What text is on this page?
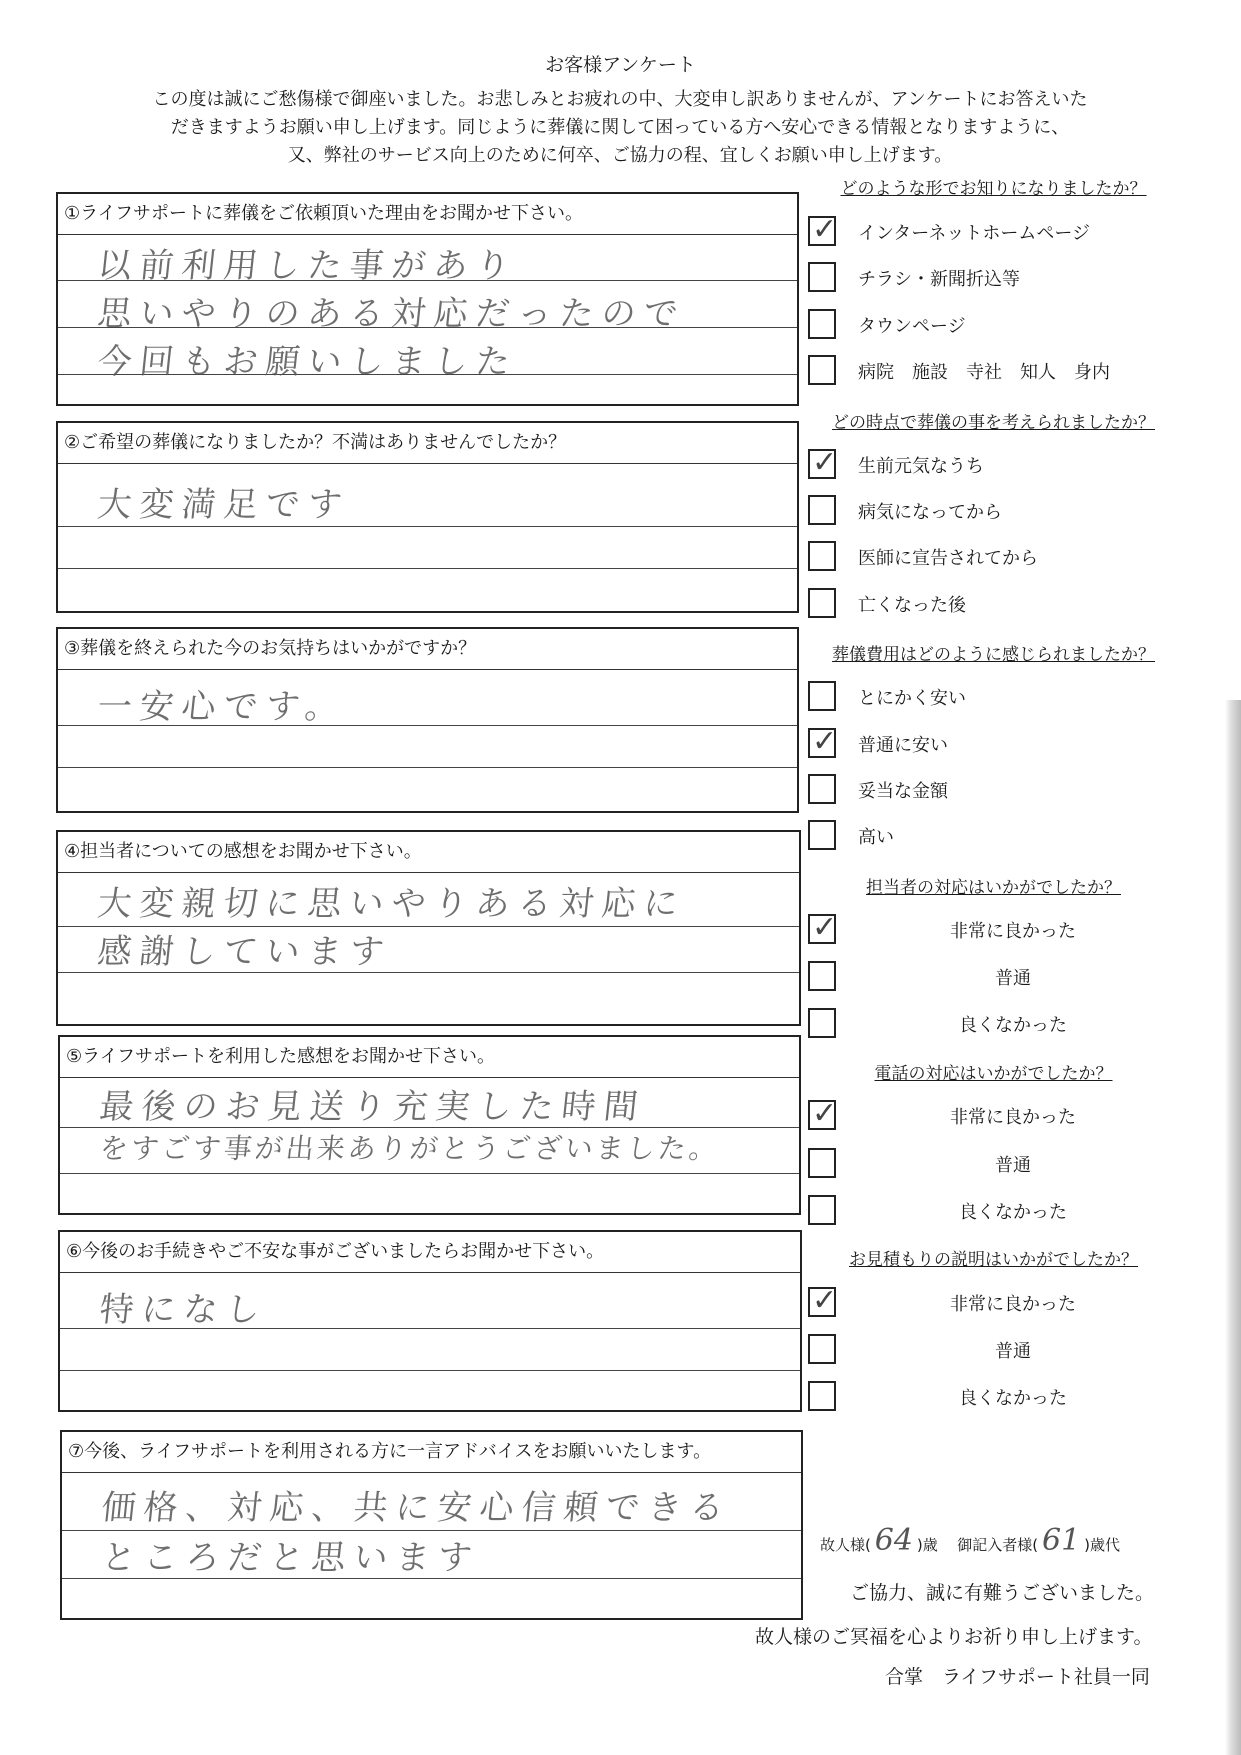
お客様アンケート
この度は誠にご愁傷様で御座いました。お悲しみとお疲れの中、大変申し訳ありませんが、アンケートにお答えいた
だきますようお願い申し上げます。同じように葬儀に関して困っている方へ安心できる情報となりますように、
又、弊社のサービス向上のために何卒、ご協力の程、宜しくお願い申し上げます。
①ライフサポートに葬儀をご依頼頂いた理由をお聞かせ下さい。
以前利用した事があり
思いやりのある対応だったので
今回もお願いしました
②ご希望の葬儀になりましたか？不満はありませんでしたか？
大変満足です
③葬儀を終えられた今のお気持ちはいかがですか？
一安心です。
④担当者についての感想をお聞かせ下さい。
大変親切に思いやりある対応に
感謝しています
⑤ライフサポートを利用した感想をお聞かせ下さい。
最後のお見送り充実した時間
をすごす事が出来ありがとうございました。
⑥今後のお手続きやご不安な事がございましたらお聞かせ下さい。
特になし
⑦今後、ライフサポートを利用される方に一言アドバイスをお願いいたします。
価格、対応、共に安心信頼できる
ところだと思います
どのような形でお知りになりましたか？
✓ インターネットホームページ
チラシ・新聞折込等
タウンページ
病院　施設　寺社　知人　身内
どの時点で葬儀の事を考えられましたか？
✓ 生前元気なうち
病気になってから
医師に宣告されてから
亡くなった後
葬儀費用はどのように感じられましたか？
とにかく安い
✓ 普通に安い
妥当な金額
高い
担当者の対応はいかがでしたか？
✓	非常に良かった
普通
良くなかった
電話の対応はいかがでしたか？
✓	非常に良かった
普通
良くなかった
お見積もりの説明はいかがでしたか？
✓	非常に良かった
普通
良くなかった
故人様( 64 )歳 御記入者様( 61 )歳代
ご協力、誠に有難うございました。
故人様のご冥福を心よりお祈り申し上げます。
合掌　ライフサポート社員一同
